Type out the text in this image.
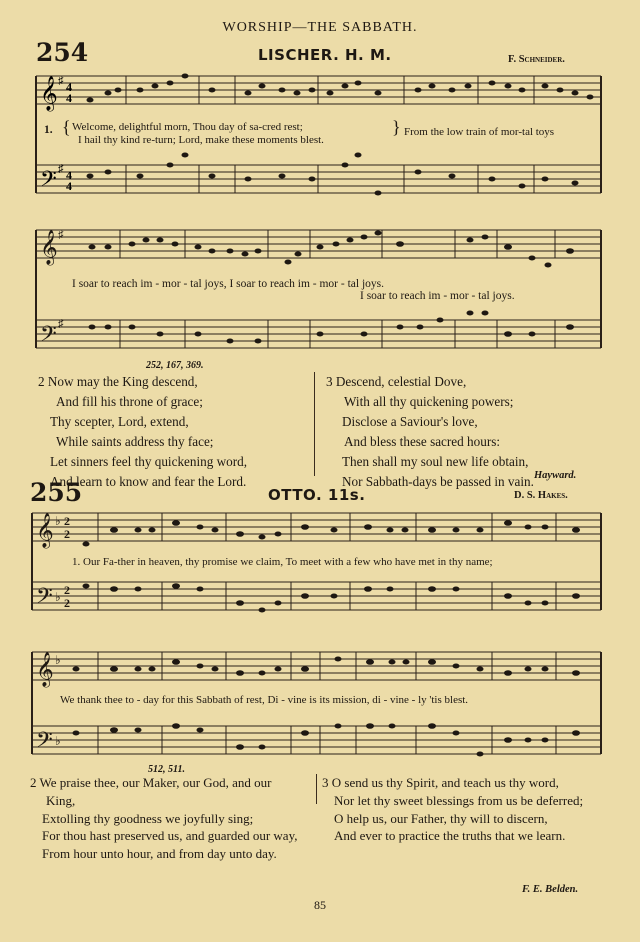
WORSHIP—THE SABBATH.
254	LISCHER. H. M.	F. Schneider.
𝄞 ♯ 4
4
𝄢 ♯ 4
4
1. { Welcome, delightful morn, Thou day of sa-cred rest;
I hail thy kind re-turn; Lord, make these moments blest.
} From the low train of mor-tal toys
𝄞 ♯
𝄢 ♯
I soar to reach im - mor - tal joys, I soar to reach im - mor - tal joys.
I soar to reach im - mor - tal joys.
252, 167, 369.
2 Now may the King descend,
And fill his throne of grace;
Thy scepter, Lord, extend,
While saints address thy face;
Let sinners feel thy quickening word,
And learn to know and fear the Lord.
3 Descend, celestial Dove,
With all thy quickening powers;
Disclose a Saviour's love,
And bless these sacred hours:
Then shall my soul new life obtain,
Nor Sabbath-days be passed in vain. Hayward.
255	OTTO. 11s.	D. S. Hakes.
𝄞 ♭ 2
2
𝄢 ♭ 2
2
1. Our Fa-ther in heaven, thy promise we claim, To meet with a few who have met in thy name;
𝄞 ♭
𝄢 ♭
We thank thee to - day for this Sabbath of rest, Di - vine is its mission, di - vine - ly 'tis blest.
512, 511.
2 We praise thee, our Maker, our God, and our King,
Extolling thy goodness we joyfully sing;
For thou hast preserved us, and guarded our way,
From hour unto hour, and from day unto day.
3 O send us thy Spirit, and teach us thy word,
Nor let thy sweet blessings from us be deferred;
O help us, our Father, thy will to discern,
And ever to practice the truths that we learn.
F. E. Belden.
85
